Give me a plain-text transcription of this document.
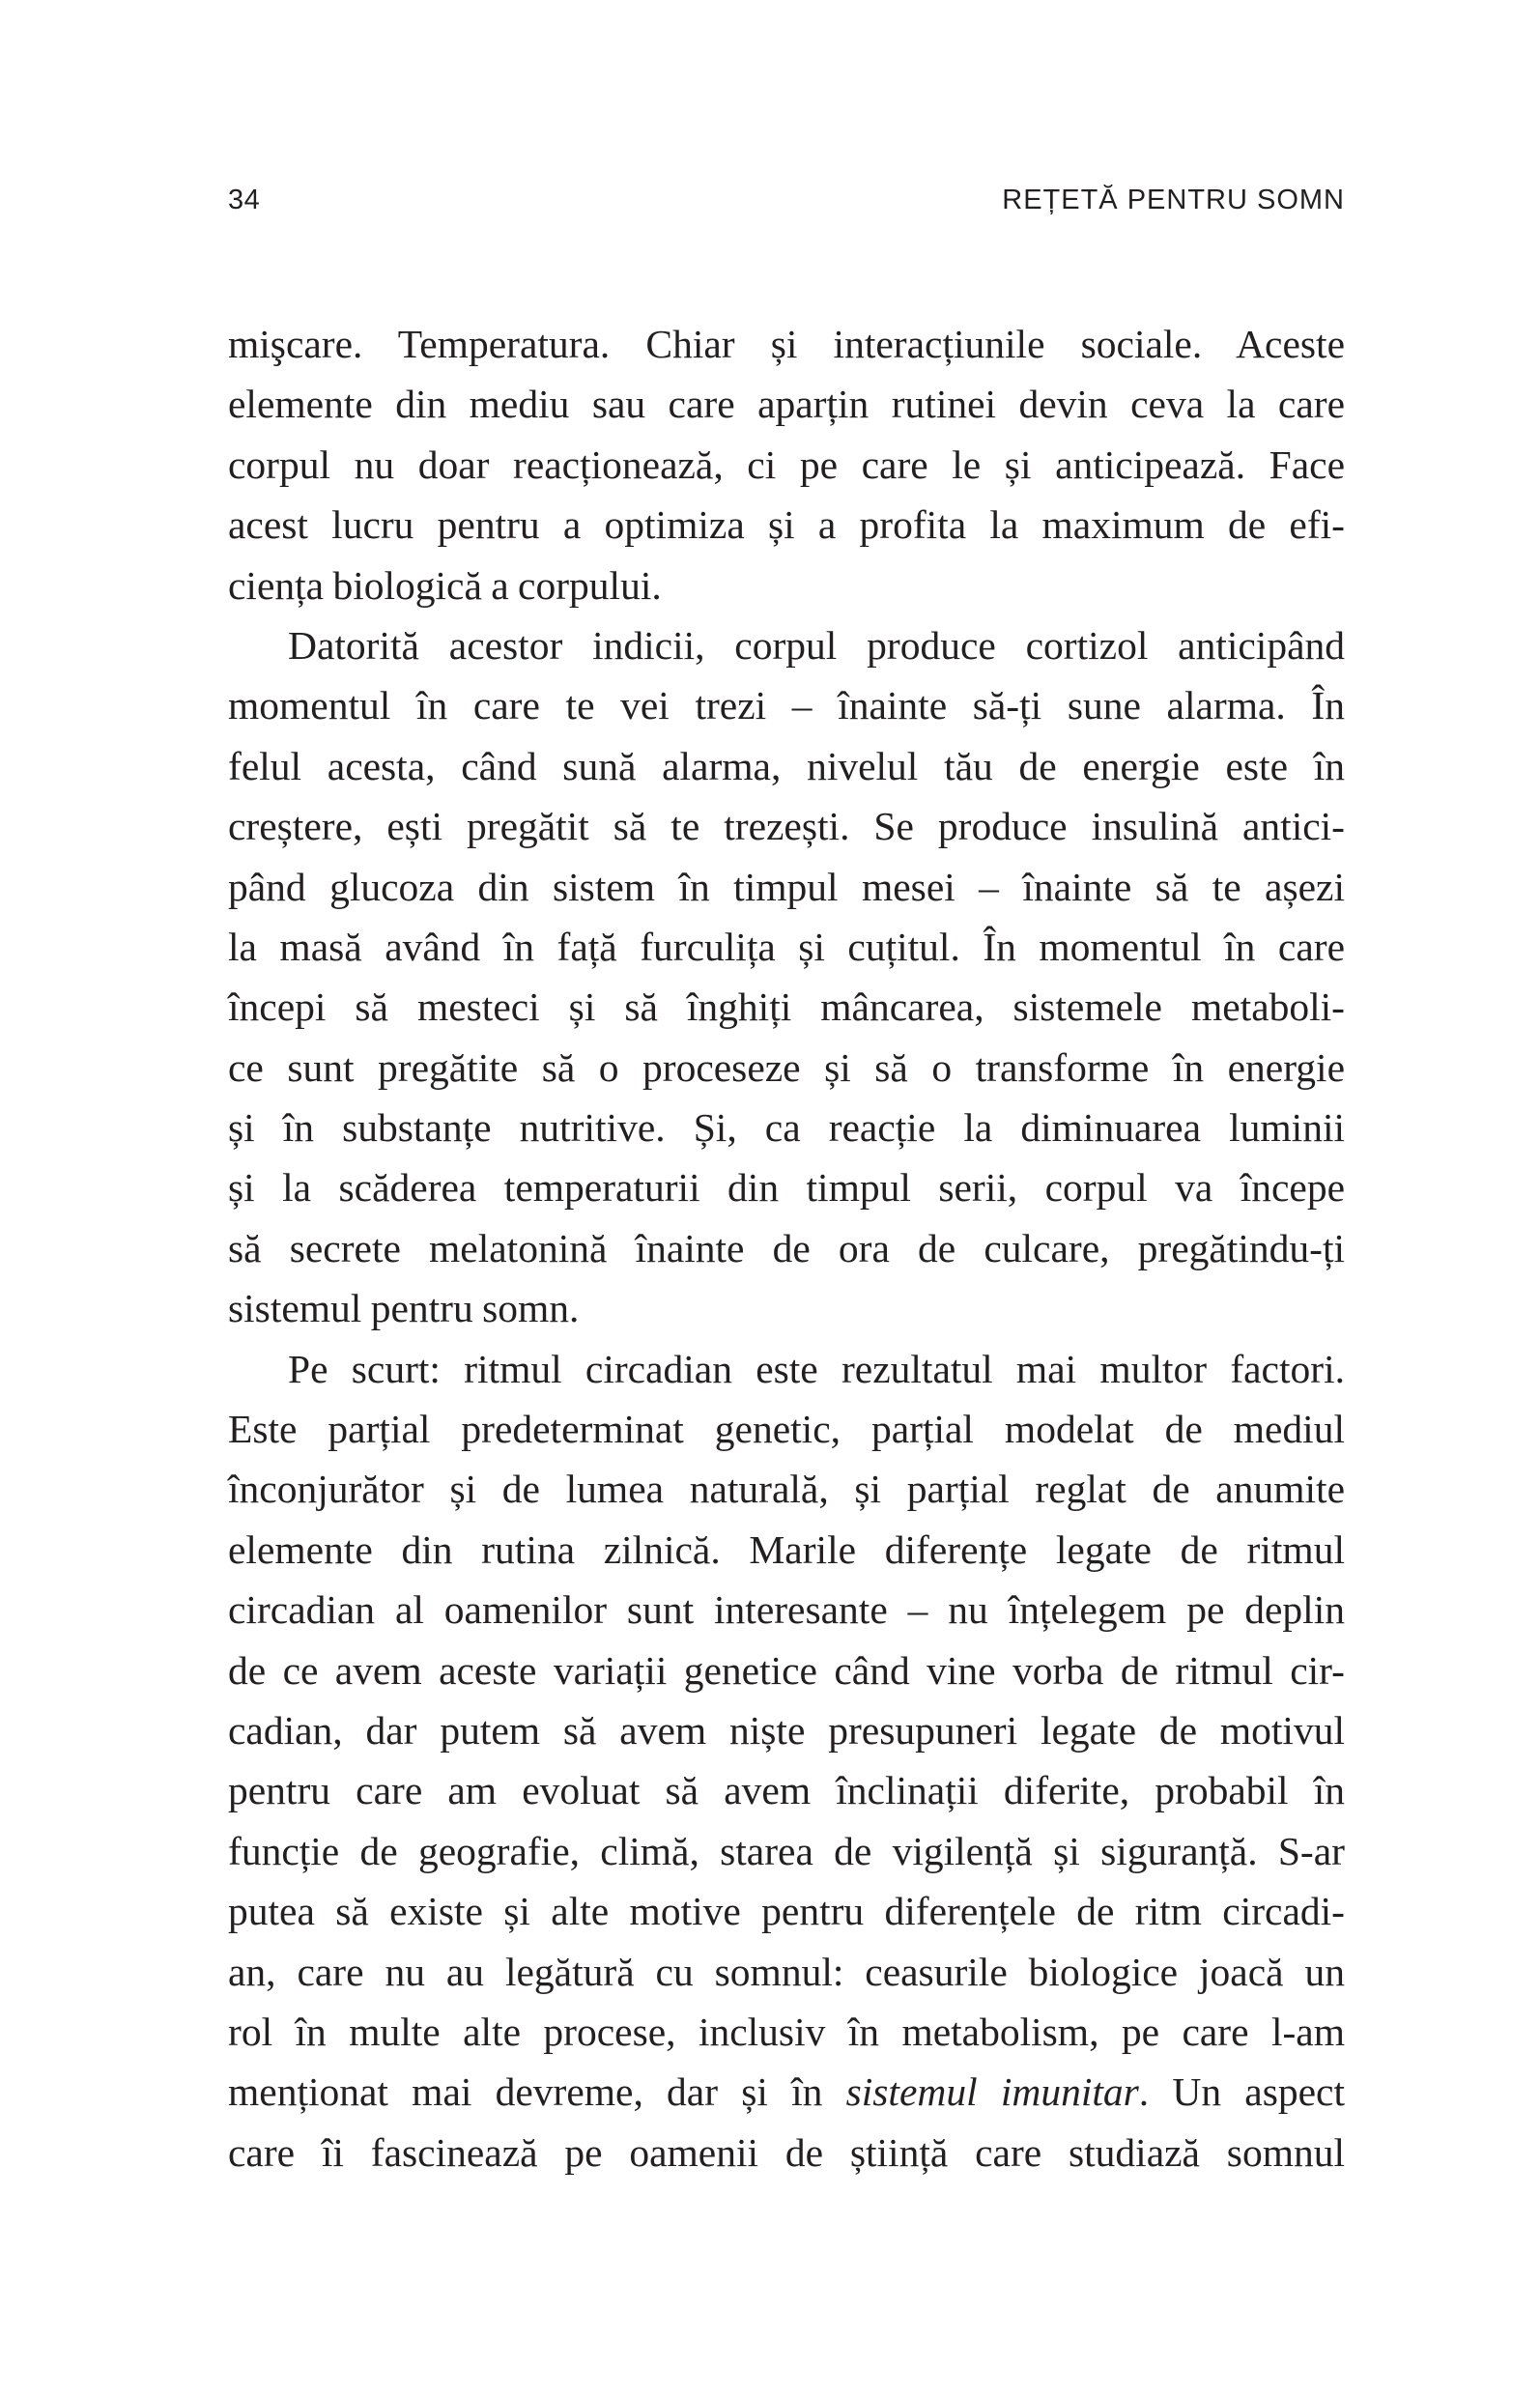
34	REȚETĂ PENTRU SOMN
mişcare. Temperatura. Chiar și interacțiunile sociale. Aceste
elemente din mediu sau care aparțin rutinei devin ceva la care
corpul nu doar reacționează, ci pe care le și anticipează. Face
acest lucru pentru a optimiza și a profita la maximum de efi-
ciența biologică a corpului.
Datorită acestor indicii, corpul produce cortizol anticipând
momentul în care te vei trezi – înainte să-ți sune alarma. În
felul acesta, când sună alarma, nivelul tău de energie este în
creștere, ești pregătit să te trezești. Se produce insulină antici-
pând glucoza din sistem în timpul mesei – înainte să te așezi
la masă având în față furculița și cuțitul. În momentul în care
începi să mesteci și să înghiți mâncarea, sistemele metaboli-
ce sunt pregătite să o proceseze și să o transforme în energie
și în substanțe nutritive. Și, ca reacție la diminuarea luminii
și la scăderea temperaturii din timpul serii, corpul va începe
să secrete melatonină înainte de ora de culcare, pregătindu-ți
sistemul pentru somn.
Pe scurt: ritmul circadian este rezultatul mai multor factori.
Este parțial predeterminat genetic, parțial modelat de mediul
înconjurător și de lumea naturală, și parțial reglat de anumite
elemente din rutina zilnică. Marile diferențe legate de ritmul
circadian al oamenilor sunt interesante – nu înțelegem pe deplin
de ce avem aceste variații genetice când vine vorba de ritmul cir-
cadian, dar putem să avem niște presupuneri legate de motivul
pentru care am evoluat să avem înclinații diferite, probabil în
funcție de geografie, climă, starea de vigilență și siguranță. S-ar
putea să existe și alte motive pentru diferențele de ritm circadi-
an, care nu au legătură cu somnul: ceasurile biologice joacă un
rol în multe alte procese, inclusiv în metabolism, pe care l-am
menționat mai devreme, dar și în sistemul imunitar. Un aspect
care îi fascinează pe oamenii de știință care studiază somnul
